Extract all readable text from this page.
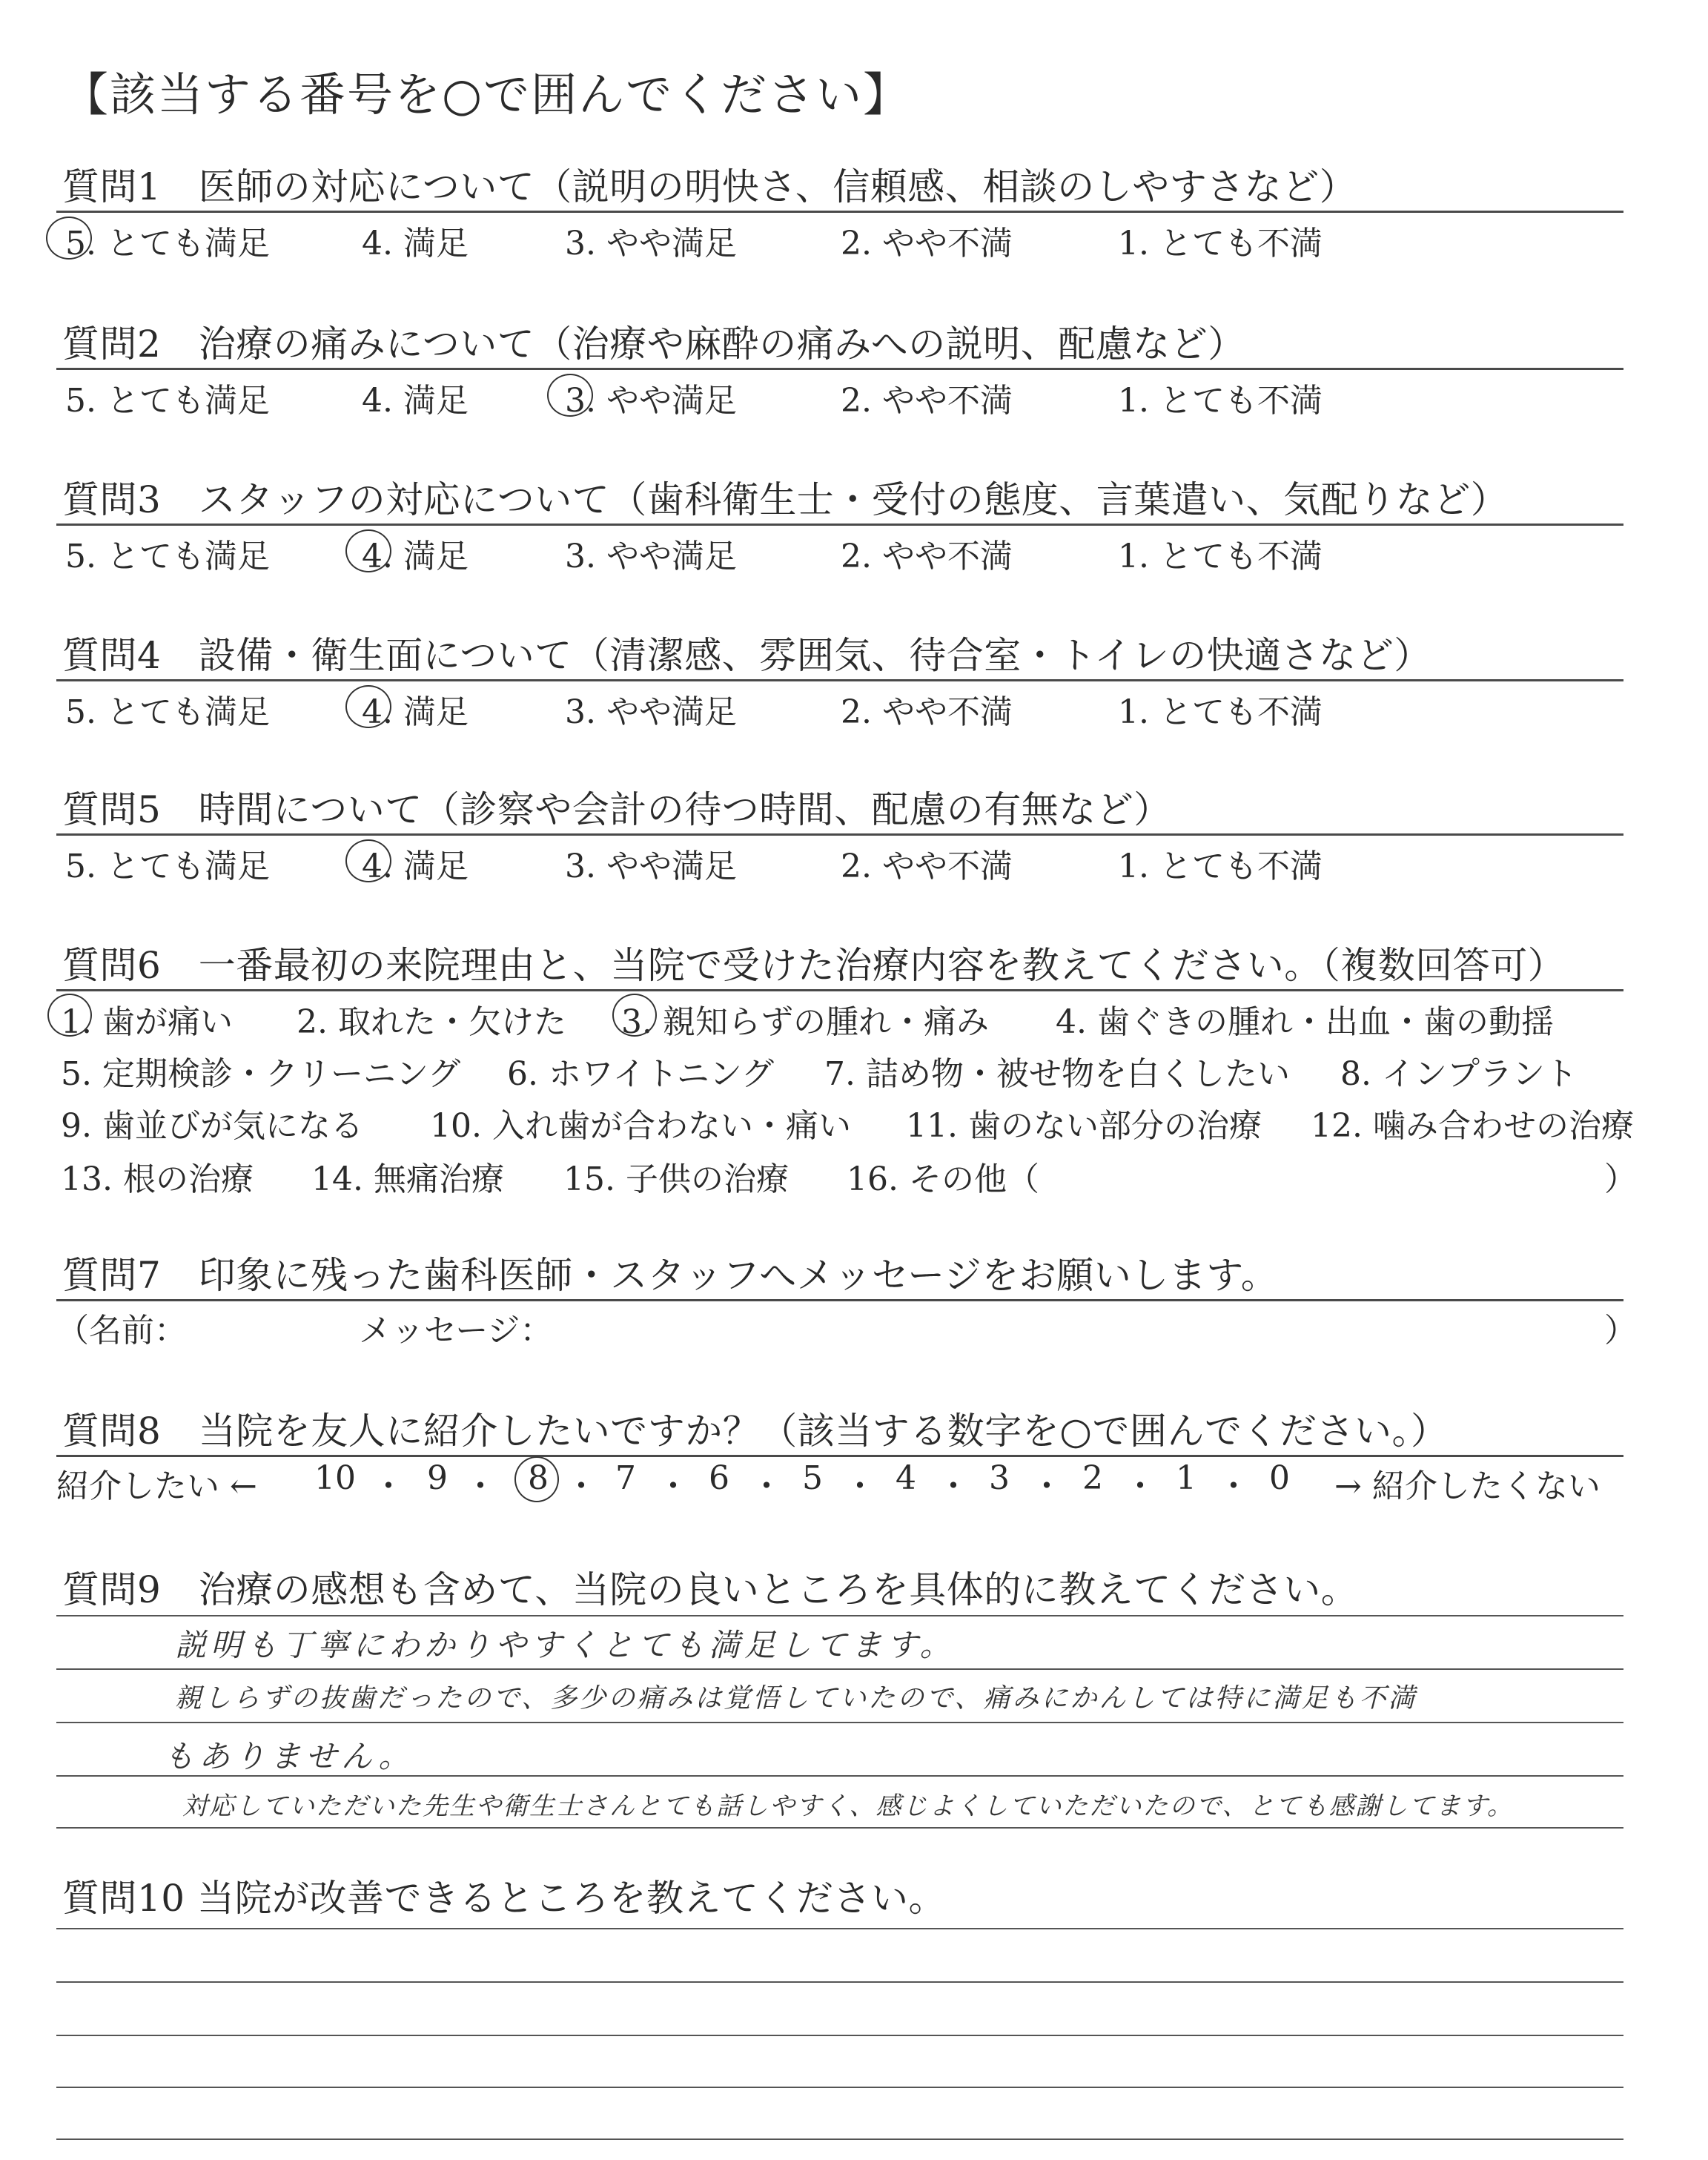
【該当する番号を○で囲んでください】
質問1　医師の対応について（説明の明快さ、信頼感、相談のしやすさなど）
5. とても満足	4. 満足	3. やや満足	2. やや不満	1. とても不満
質問2　治療の痛みについて（治療や麻酔の痛みへの説明、配慮など）
5. とても満足	4. 満足	3. やや満足	2. やや不満	1. とても不満
質問3　スタッフの対応について（歯科衛生士・受付の態度、言葉遣い、気配りなど）
5. とても満足	4. 満足	3. やや満足	2. やや不満	1. とても不満
質問4　設備・衛生面について（清潔感、雰囲気、待合室・トイレの快適さなど）
5. とても満足	4. 満足	3. やや満足	2. やや不満	1. とても不満
質問5　時間について（診察や会計の待つ時間、配慮の有無など）
5. とても満足	4. 満足	3. やや満足	2. やや不満	1. とても不満
質問6　一番最初の来院理由と、当院で受けた治療内容を教えてください。（複数回答可）
1. 歯が痛い 2. 取れた・欠けた 3. 親知らずの腫れ・痛み 4. 歯ぐきの腫れ・出血・歯の動揺
5. 定期検診・クリーニング 6. ホワイトニング 7. 詰め物・被せ物を白くしたい 8. インプラント
9. 歯並びが気になる 10. 入れ歯が合わない・痛い 11. 歯のない部分の治療 12. 噛み合わせの治療
13. 根の治療 14. 無痛治療 15. 子供の治療 16. その他（	）
質問7　印象に残った歯科医師・スタッフへメッセージをお願いします。
（名前：	メッセージ：	）
質問8　当院を友人に紹介したいですか？（該当する数字を○で囲んでください。）
紹介したい ← 10 ・ 9 ・ 8 ・ 7 ・ 6 ・ 5 ・ 4 ・ 3 ・ 2 ・ 1 ・ 0 → 紹介したくない
質問9　治療の感想も含めて、当院の良いところを具体的に教えてください。
説明も丁寧にわかりやすくとても満足してます。
親しらずの抜歯だったので、多少の痛みは覚悟していたので、痛みにかんしては特に満足も不満
もありません。
対応していただいた先生や衛生士さんとても話しやすく、感じよくしていただいたので、とても感謝してます。
質問10 当院が改善できるところを教えてください。
